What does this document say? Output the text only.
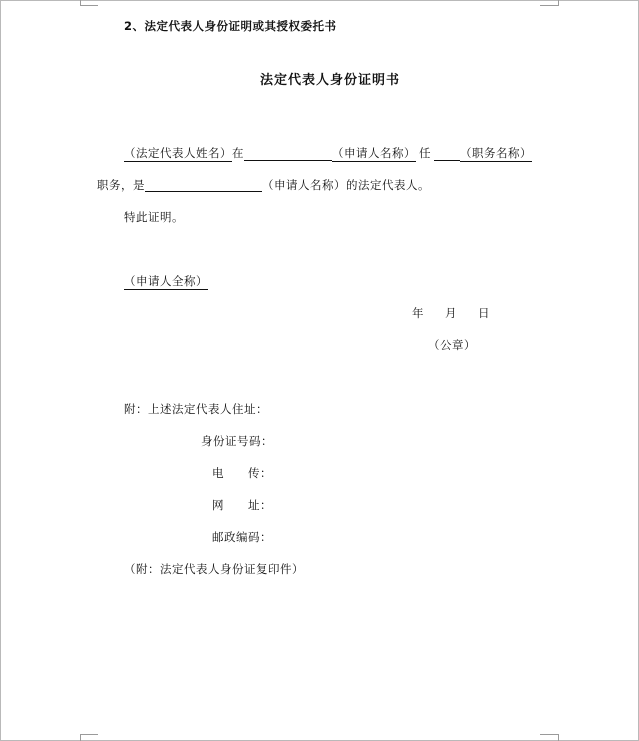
2、法定代表人身份证明或其授权委托书
法定代表人身份证明书
（法定代表人姓名）在	（申请人名称） 任	（职务名称）
职务，是	（申请人名称）的法定代表人。
特此证明。
（申请人全称）
年 月 日
（公章）
附：上述法定代表人住址：
身份证号码：
电　　传：
网　　址：
邮政编码：
（附：法定代表人身份证复印件）
